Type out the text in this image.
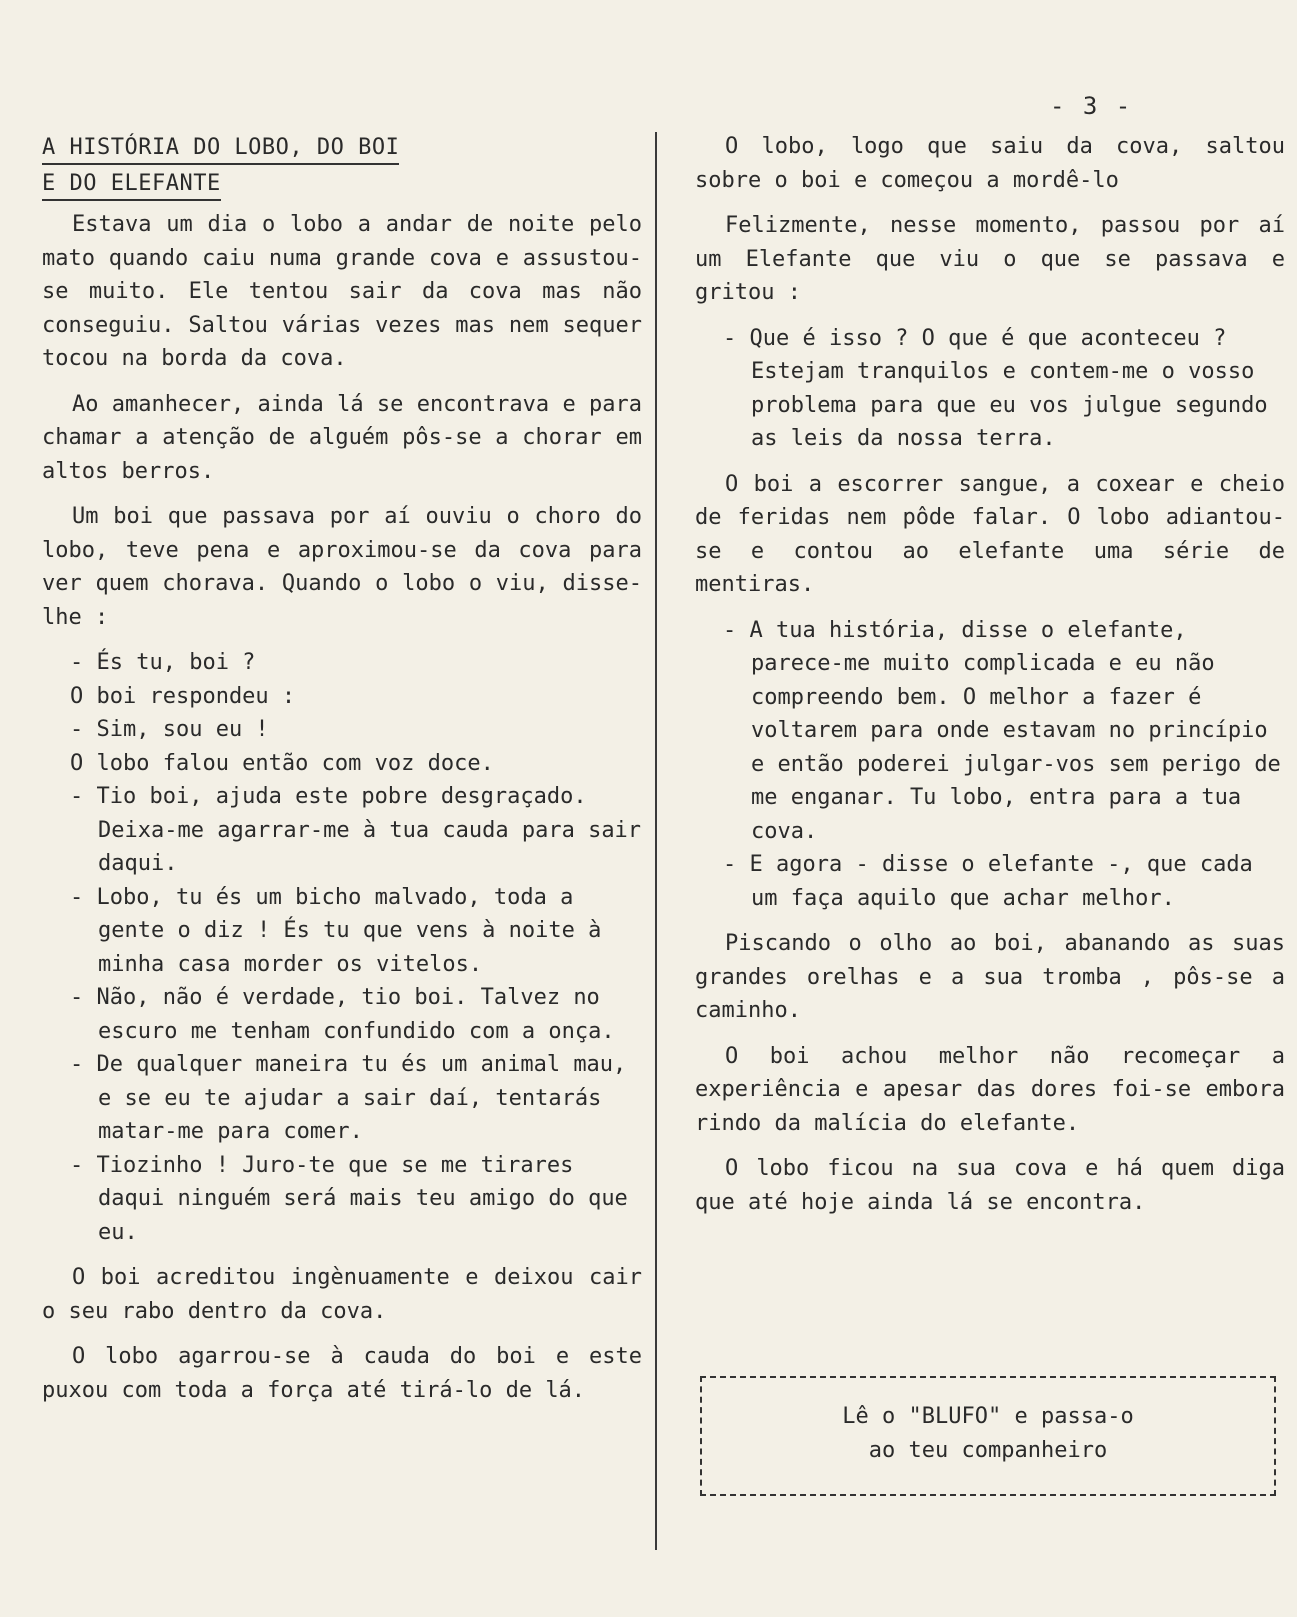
- 3 -
A HISTÓRIA DO LOBO, DO BOI
E DO ELEFANTE

Estava um dia o lobo a andar de noite pelo mato quando caiu numa grande cova e assustou-se muito. Ele tentou sair da cova mas não conseguiu. Saltou várias vezes mas nem sequer tocou na borda da cova.

Ao amanhecer, ainda lá se encontrava e para chamar a atenção de alguém pôs-se a chorar em altos berros.

Um boi que passava por aí ouviu o choro do lobo, teve pena e aproximou-se da cova para ver quem chorava. Quando o lobo o viu, disse-lhe :

- És tu, boi ?
O boi respondeu :
- Sim, sou eu !
O lobo falou então com voz doce.
- Tio boi, ajuda este pobre desgraçado. Deixa-me agarrar-me à tua cauda para sair daqui.
- Lobo, tu és um bicho malvado, toda a gente o diz ! És tu que vens à noite à minha casa morder os vitelos.
- Não, não é verdade, tio boi. Talvez no escuro me tenham confundido com a onça.
- De qualquer maneira tu és um animal mau, e se eu te ajudar a sair daí, tentarás matar-me para comer.
- Tiozinho ! Juro-te que se me tirares daqui ninguém será mais teu amigo do que eu.

O boi acreditou ingènuamente e deixou cair o seu rabo dentro da cova.

O lobo agarrou-se à cauda do boi e este puxou com toda a força até tirá-lo de lá.

O lobo, logo que saiu da cova, saltou sobre o boi e começou a mordê-lo

Felizmente, nesse momento, passou por aí um Elefante que viu o que se passava e gritou :

- Que é isso ? O que é que aconteceu ? Estejam tranquilos e contem-me o vosso problema para que eu vos julgue segundo as leis da nossa terra.

O boi a escorrer sangue, a coxear e cheio de feridas nem pôde falar. O lobo adiantou-se e contou ao elefante uma série de mentiras.

- A tua história, disse o elefante, parece-me muito complicada e eu não compreendo bem. O melhor a fazer é voltarem para onde estavam no princípio e então poderei julgar-vos sem perigo de me enganar. Tu lobo, entra para a tua cova.
- E agora - disse o elefante -, que cada um faça aquilo que achar melhor.

Piscando o olho ao boi, abanando as suas grandes orelhas e a sua tromba , pôs-se a caminho.

O boi achou melhor não recomeçar a experiência e apesar das dores foi-se embora rindo da malícia do elefante.

O lobo ficou na sua cova e há quem diga que até hoje ainda lá se encontra.

Lê o "BLUFO" e passa-o
ao teu companheiro
